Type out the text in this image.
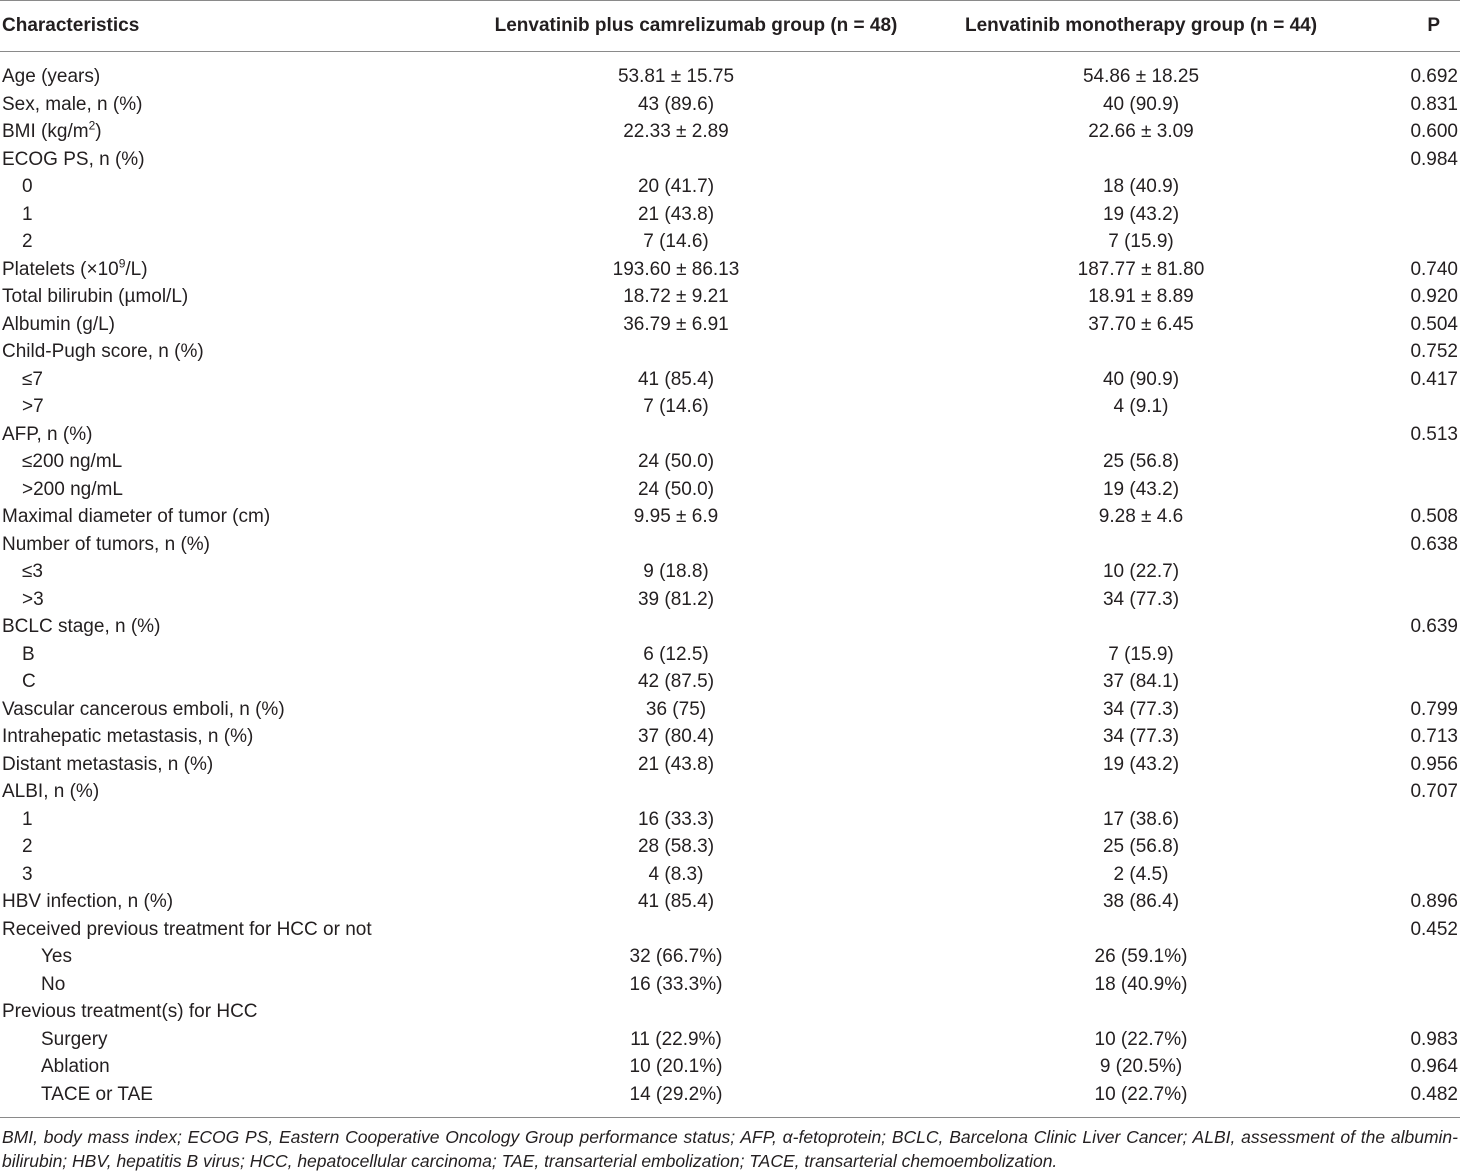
Characteristics	Lenvatinib plus camrelizumab group (n = 48)	Lenvatinib monotherapy group (n = 44)	P
Age (years)	53.81 ± 15.75	54.86 ± 18.25	0.692
Sex, male, n (%)	43 (89.6)	40 (90.9)	0.831
BMI $(kg/m^2)$	22.33 ± 2.89	22.66 ± 3.09	0.600
ECOG PS, n (%)			0.984
0	20 (41.7)	18 (40.9)	
1	21 (43.8)	19 (43.2)	
2	7 (14.6)	7 (15.9)	
Platelets $(\times 10^9/L)$	193.60 ± 86.13	187.77 ± 81.80	0.740
Total bilirubin (µmol/L)	18.72 ± 9.21	18.91 ± 8.89	0.920
Albumin (g/L)	36.79 ± 6.91	37.70 ± 6.45	0.504
Child-Pugh score, n (%)			0.752
≤7	41 (85.4)	40 (90.9)	0.417
>7	7 (14.6)	4 (9.1)	
AFP, n (%)			0.513
≤200 ng/mL	24 (50.0)	25 (56.8)	
>200 ng/mL	24 (50.0)	19 (43.2)	
Maximal diameter of tumor (cm)	9.95 ± 6.9	9.28 ± 4.6	0.508
Number of tumors, n (%)			0.638
≤3	9 (18.8)	10 (22.7)	
>3	39 (81.2)	34 (77.3)	
BCLC stage, n (%)			0.639
B	6 (12.5)	7 (15.9)	
C	42 (87.5)	37 (84.1)	
Vascular cancerous emboli, n (%)	36 (75)	34 (77.3)	0.799
Intrahepatic metastasis, n (%)	37 (80.4)	34 (77.3)	0.713
Distant metastasis, n (%)	21 (43.8)	19 (43.2)	0.956
ALBI, n (%)			0.707
1	16 (33.3)	17 (38.6)	
2	28 (58.3)	25 (56.8)	
3	4 (8.3)	2 (4.5)	
HBV infection, n (%)	41 (85.4)	38 (86.4)	0.896
Received previous treatment for HCC or not			0.452
Yes	32 (66.7%)	26 (59.1%)	
No	16 (33.3%)	18 (40.9%)	
Previous treatment(s) for HCC			
Surgery	11 (22.9%)	10 (22.7%)	0.983
Ablation	10 (20.1%)	9 (20.5%)	0.964
TACE or TAE	14 (29.2%)	10 (22.7%)	0.482
BMI, body mass index; ECOG PS, Eastern Cooperative Oncology Group performance status; AFP, α-fetoprotein; BCLC, Barcelona Clinic Liver Cancer; ALBI, assessment of the albumin-bilirubin; HBV, hepatitis B virus; HCC, hepatocellular carcinoma; TAE, transarterial embolization; TACE, transarterial chemoembolization.
